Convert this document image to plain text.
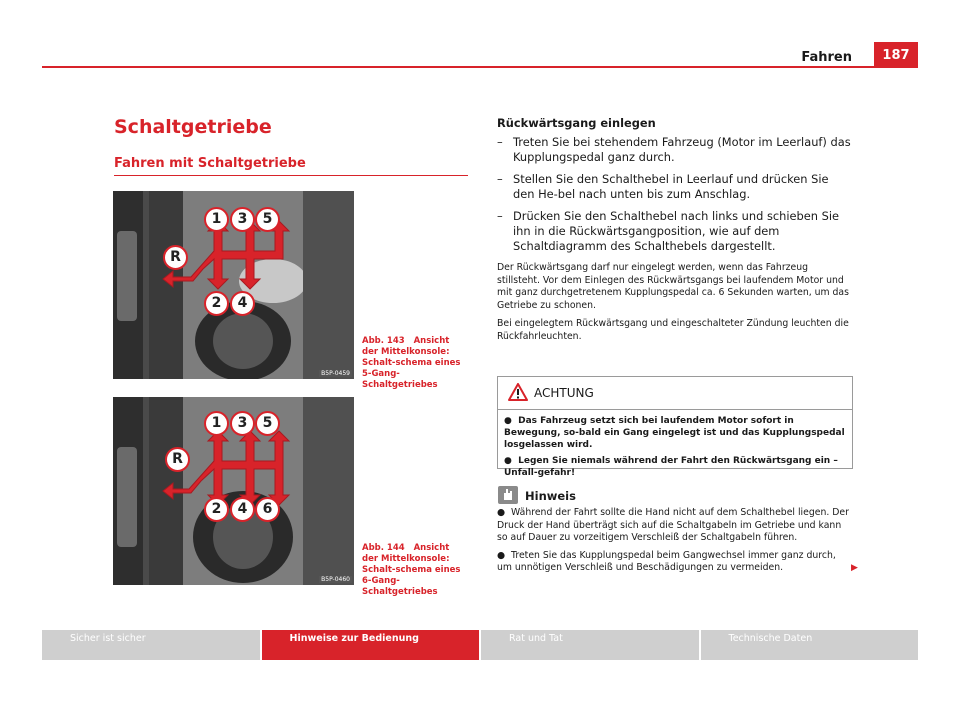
Fahren	187
Schaltgetriebe
Fahren mit Schaltgetriebe
1	3	5
2	4
R
B5P-0459
Abb. 143 Ansicht der Mittelkonsole: Schalt-schema eines 5-Gang-Schaltgetriebes
1	3	5
2	4	6
R
B5P-0460
Abb. 144 Ansicht der Mittelkonsole: Schalt-schema eines 6-Gang-Schaltgetriebes
Rückwärtsgang einlegen
– Treten Sie bei stehendem Fahrzeug (Motor im Leerlauf) das Kupplungspedal ganz durch.
– Stellen Sie den Schalthebel in Leerlauf und drücken Sie den He-bel nach unten bis zum Anschlag.
– Drücken Sie den Schalthebel nach links und schieben Sie ihn in die Rückwärtsgangposition, wie auf dem Schaltdiagramm des Schalthebels dargestellt.
Der Rückwärtsgang darf nur eingelegt werden, wenn das Fahrzeug stillsteht. Vor dem Einlegen des Rückwärtsgangs bei laufendem Motor und mit ganz durchgetretenem Kupplungspedal ca. 6 Sekunden warten, um das Getriebe zu schonen.
Bei eingelegtem Rückwärtsgang und eingeschalteter Zündung leuchten die Rückfahrleuchten.
ACHTUNG
●  Das Fahrzeug setzt sich bei laufendem Motor sofort in Bewegung, so-bald ein Gang eingelegt ist und das Kupplungspedal losgelassen wird.
●  Legen Sie niemals während der Fahrt den Rückwärtsgang ein – Unfall-gefahr!
Hinweis
●  Während der Fahrt sollte die Hand nicht auf dem Schalthebel liegen. Der Druck der Hand überträgt sich auf die Schaltgabeln im Getriebe und kann so auf Dauer zu vorzeitigem Verschleiß der Schaltgabeln führen.
●  Treten Sie das Kupplungspedal beim Gangwechsel immer ganz durch, um unnötigen Verschleiß und Beschädigungen zu vermeiden.	▶
Sicher ist sicher	Hinweise zur Bedienung	Rat und Tat	Technische Daten
